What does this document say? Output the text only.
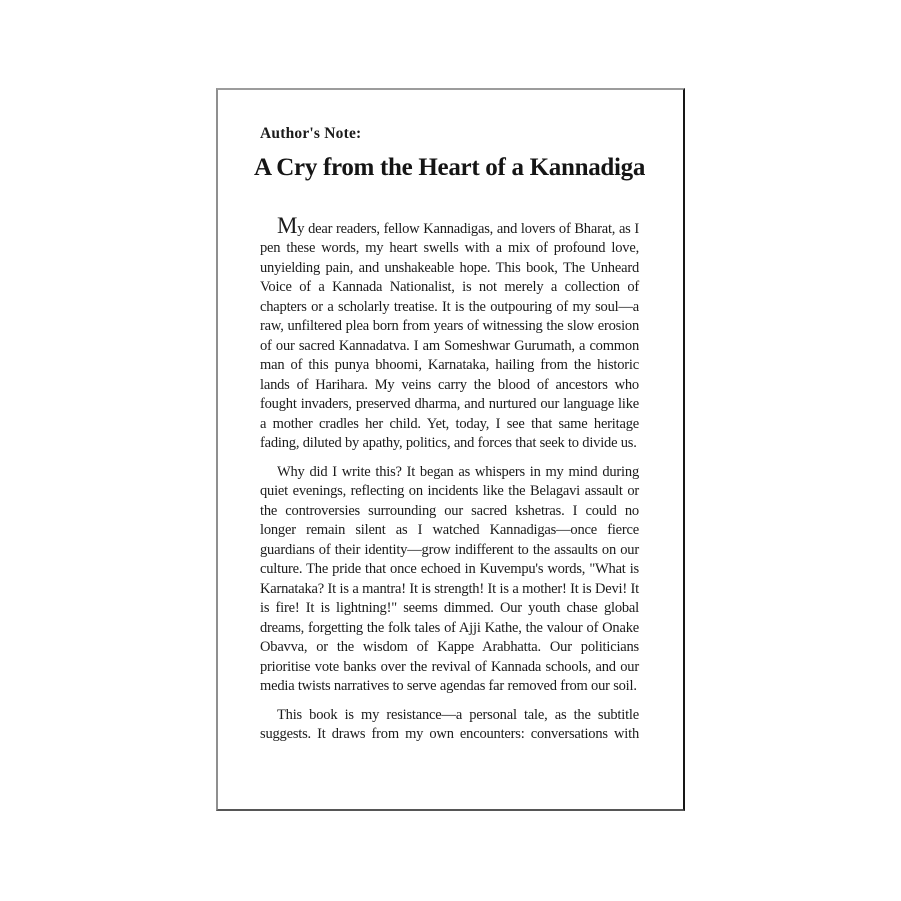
Author's Note:
A Cry from the Heart of a Kannadiga

My dear readers, fellow Kannadigas, and lovers of Bharat, as I pen these words, my heart swells with a mix of profound love, unyielding pain, and unshakeable hope. This book, The Unheard Voice of a Kannada Nationalist, is not merely a collection of chapters or a scholarly treatise. It is the outpouring of my soul—a raw, unfiltered plea born from years of witnessing the slow erosion of our sacred Kannadatva. I am Someshwar Gurumath, a common man of this punya bhoomi, Karnataka, hailing from the historic lands of Harihara. My veins carry the blood of ancestors who fought invaders, preserved dharma, and nurtured our language like a mother cradles her child. Yet, today, I see that same heritage fading, diluted by apathy, politics, and forces that seek to divide us.

Why did I write this? It began as whispers in my mind during quiet evenings, reflecting on incidents like the Belagavi assault or the controversies surrounding our sacred kshetras. I could no longer remain silent as I watched Kannadigas—once fierce guardians of their identity—grow indifferent to the assaults on our culture. The pride that once echoed in Kuvempu's words, "What is Karnataka? It is a mantra! It is strength! It is a mother! It is Devi! It is fire! It is lightning!" seems dimmed. Our youth chase global dreams, forgetting the folk tales of Ajji Kathe, the valour of Onake Obavva, or the wisdom of Kappe Arabhatta. Our politicians prioritise vote banks over the revival of Kannada schools, and our media twists narratives to serve agendas far removed from our soil.

This book is my resistance—a personal tale, as the subtitle suggests. It draws from my own encounters: conversations with
